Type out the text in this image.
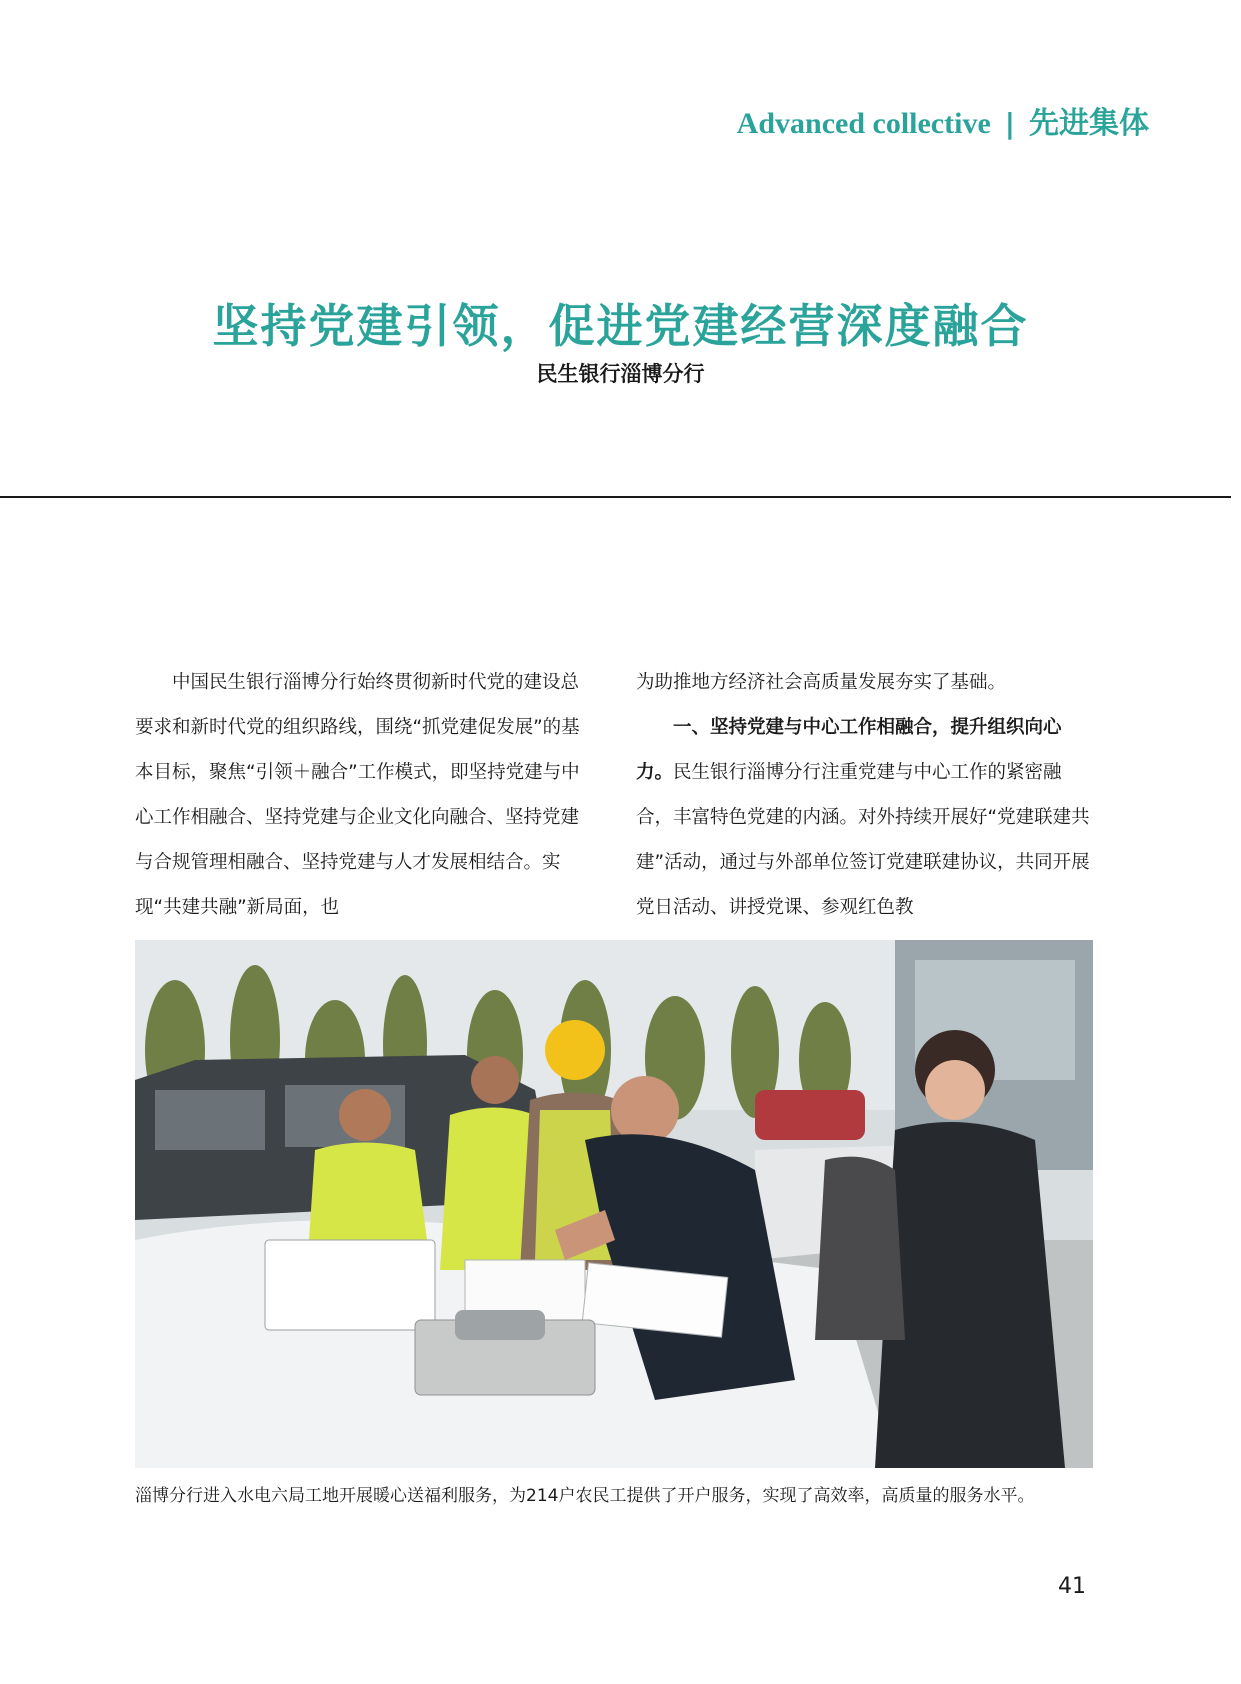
Advanced collective | 先进集体
坚持党建引领，促进党建经营深度融合
民生银行淄博分行

中国民生银行淄博分行始终贯彻新时代党的建设总要求和新时代党的组织路线，围绕“抓党建促发展”的基本目标，聚焦“引领＋融合”工作模式，即坚持党建与中心工作相融合、坚持党建与企业文化向融合、坚持党建与合规管理相融合、坚持党建与人才发展相结合。实现“共建共融”新局面，也

为助推地方经济社会高质量发展夯实了基础。

一、坚持党建与中心工作相融合，提升组织向心力。民生银行淄博分行注重党建与中心工作的紧密融合，丰富特色党建的内涵。对外持续开展好“党建联建共建”活动，通过与外部单位签订党建联建协议，共同开展党日活动、讲授党课、参观红色教

淄博分行进入水电六局工地开展暖心送福利服务，为214户农民工提供了开户服务，实现了高效率，高质量的服务水平。
41
